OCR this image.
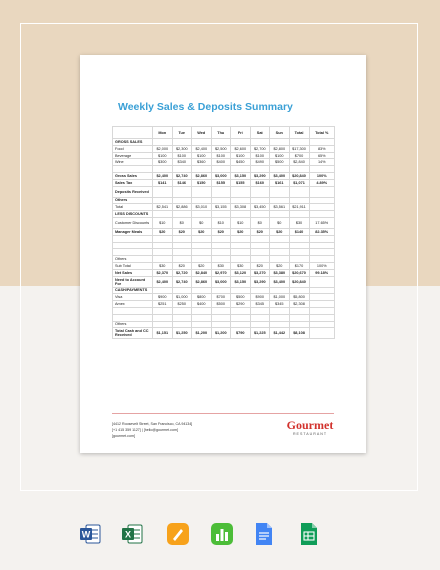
Weekly Sales & Deposits Summary
	Mon	Tue	Wed	Thu	Fri	Sat	Sun	Total	Total %
GROSS SALES									
Food	$2,000	$2,300	$2,400	$2,500	$2,600	$2,700	$2,800	$17,300	83%
Beverage	$100	$100	$100	$100	$100	$100	$100	$700	65%
Wine	$300	$340	$360	$400	$450	$490	$500	$2,840	14%

Gross Sales	$2,400	$2,740	$2,860	$3,000	$3,150	$3,290	$3,400	$20,840	100%
Sales Tax	$141	$146	$150	$155	$155	$160	$161	$1,071	4.89%
Deposits Received									
Others									
Total	$2,541	$2,886	$3,010	$3,155	$3,308	$3,450	$3,561	$21,911	
LESS DISCOUNTS									
Customer Discounts	$10	$0	$0	$10	$10	$0	$0	$30	17.65%
Manager Meals	$20	$20	$20	$20	$20	$20	$20	$140	82.35%

Others									
Sub Total	$30	$20	$20	$30	$30	$20	$20	$170	100%
Net Sales	$2,370	$2,720	$2,840	$2,970	$3,120	$3,270	$3,380	$20,670	99.18%
Need to Account For	$2,400	$2,740	$2,860	$3,000	$3,150	$3,290	$3,400	$20,840	
CASH/PAYMENTS									
Visa	$900	$1,000	$800	$700	$500	$900	$1,000	$5,800	
Amex	$251	$250	$400	$500	$290	$345	$345	$2,308	

Others									
Total Cash and CC Received	$1,151	$1,250	$1,200	$1,200	$790	$1,225	$1,442	$8,108	
[4412 Roosevelt Street, San Francisco, CA 94134]
[+1 415 359 1127] | [hello@gourmet.com]
[gourmet.com]
Gourmet
RESTAURANT
W	X
